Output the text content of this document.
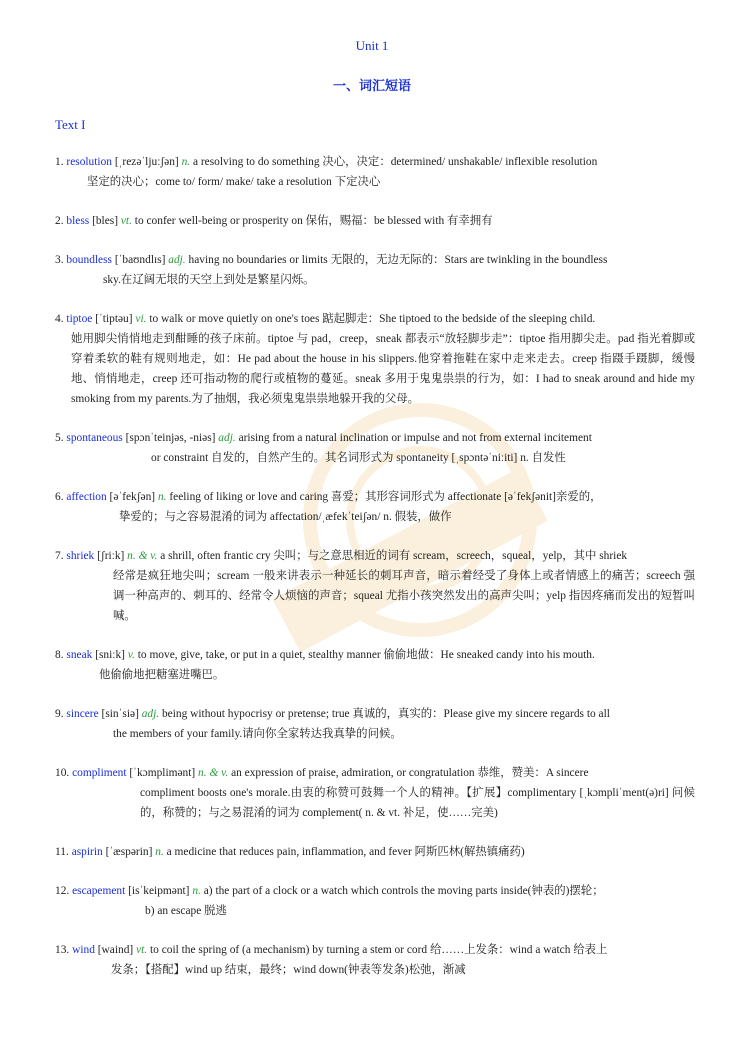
Unit 1
一、词汇短语
Text I
1. resolution [ˌrezəˈljuːʃən] n. a resolving to do something 决心，决定：determined/ unshakable/ inflexible resolution
坚定的决心；come to/ form/ make/ take a resolution 下定决心
2. bless [bles] vt. to confer well-being or prosperity on 保佑，赐福：be blessed with 有幸拥有
3. boundless [ˈbaʊndlɪs] adj. having no boundaries or limits 无限的，无边无际的：Stars are twinkling in the boundless
sky.在辽阔无垠的天空上到处是繁星闪烁。
4. tiptoe [ˈtiptəu] vi. to walk or move quietly on one's toes 踮起脚走：She tiptoed to the bedside of the sleeping child.
她用脚尖悄悄地走到酣睡的孩子床前。tiptoe 与 pad，creep，sneak 都表示“放轻脚步走”：tiptoe 指用脚尖走。pad 指光着脚或穿着柔软的鞋有规则地走，如：He pad about the house in his slippers.他穿着拖鞋在家中走来走去。creep 指蹑手蹑脚，缓慢地、悄悄地走，creep 还可指动物的爬行或植物的蔓延。sneak 多用于鬼鬼祟祟的行为，如：I had to sneak around and hide my smoking from my parents.为了抽烟，我必须鬼鬼祟祟地躲开我的父母。
5. spontaneous [spɔnˈteinjəs, -niəs] adj. arising from a natural inclination or impulse and not from external incitement
or constraint 自发的，自然产生的。其名词形式为 spontaneity [ˌspɔntəˈniːiti] n. 自发性
6. affection [əˈfekʃən] n. feeling of liking or love and caring 喜爱；其形容词形式为 affectionate [əˈfekʃənit]亲爱的，
挚爱的；与之容易混淆的词为 affectation/ˌæfekˈteiʃən/ n. 假装，做作
7. shriek [ʃriːk] n. & v. a shrill, often frantic cry 尖叫；与之意思相近的词有 scream，screech，squeal，yelp，其中 shriek
经常是疯狂地尖叫；scream 一般来讲表示一种延长的刺耳声音，暗示着经受了身体上或者情感上的痛苦；screech 强调一种高声的、刺耳的、经常令人烦恼的声音；squeal 尤指小孩突然发出的高声尖叫；yelp 指因疼痛而发出的短暂叫喊。
8. sneak [sniːk] v. to move, give, take, or put in a quiet, stealthy manner 偷偷地做：He sneaked candy into his mouth.
他偷偷地把糖塞进嘴巴。
9. sincere [sinˈsiə] adj. being without hypocrisy or pretense; true 真诚的，真实的：Please give my sincere regards to all
the members of your family.请向你全家转达我真挚的问候。
10. compliment [ˈkɔmplimənt] n. & v. an expression of praise, admiration, or congratulation 恭维，赞美：A sincere
compliment boosts one's morale.由衷的称赞可鼓舞一个人的精神。【扩展】complimentary [ˌkɔmpliˈment(ə)ri] 问候的，称赞的；与之易混淆的词为 complement( n. & vt. 补足，使……完美)
11. aspirin [ˈæspərin] n. a medicine that reduces pain, inflammation, and fever 阿斯匹林(解热镇痛药)
12. escapement [isˈkeipmənt] n. a) the part of a clock or a watch which controls the moving parts inside(钟表的)摆轮；
b) an escape 脱逃
13. wind [waind] vt. to coil the spring of (a mechanism) by turning a stem or cord 给……上发条：wind a watch 给表上
发条；【搭配】wind up 结束，最终；wind down(钟表等发条)松弛，渐减
